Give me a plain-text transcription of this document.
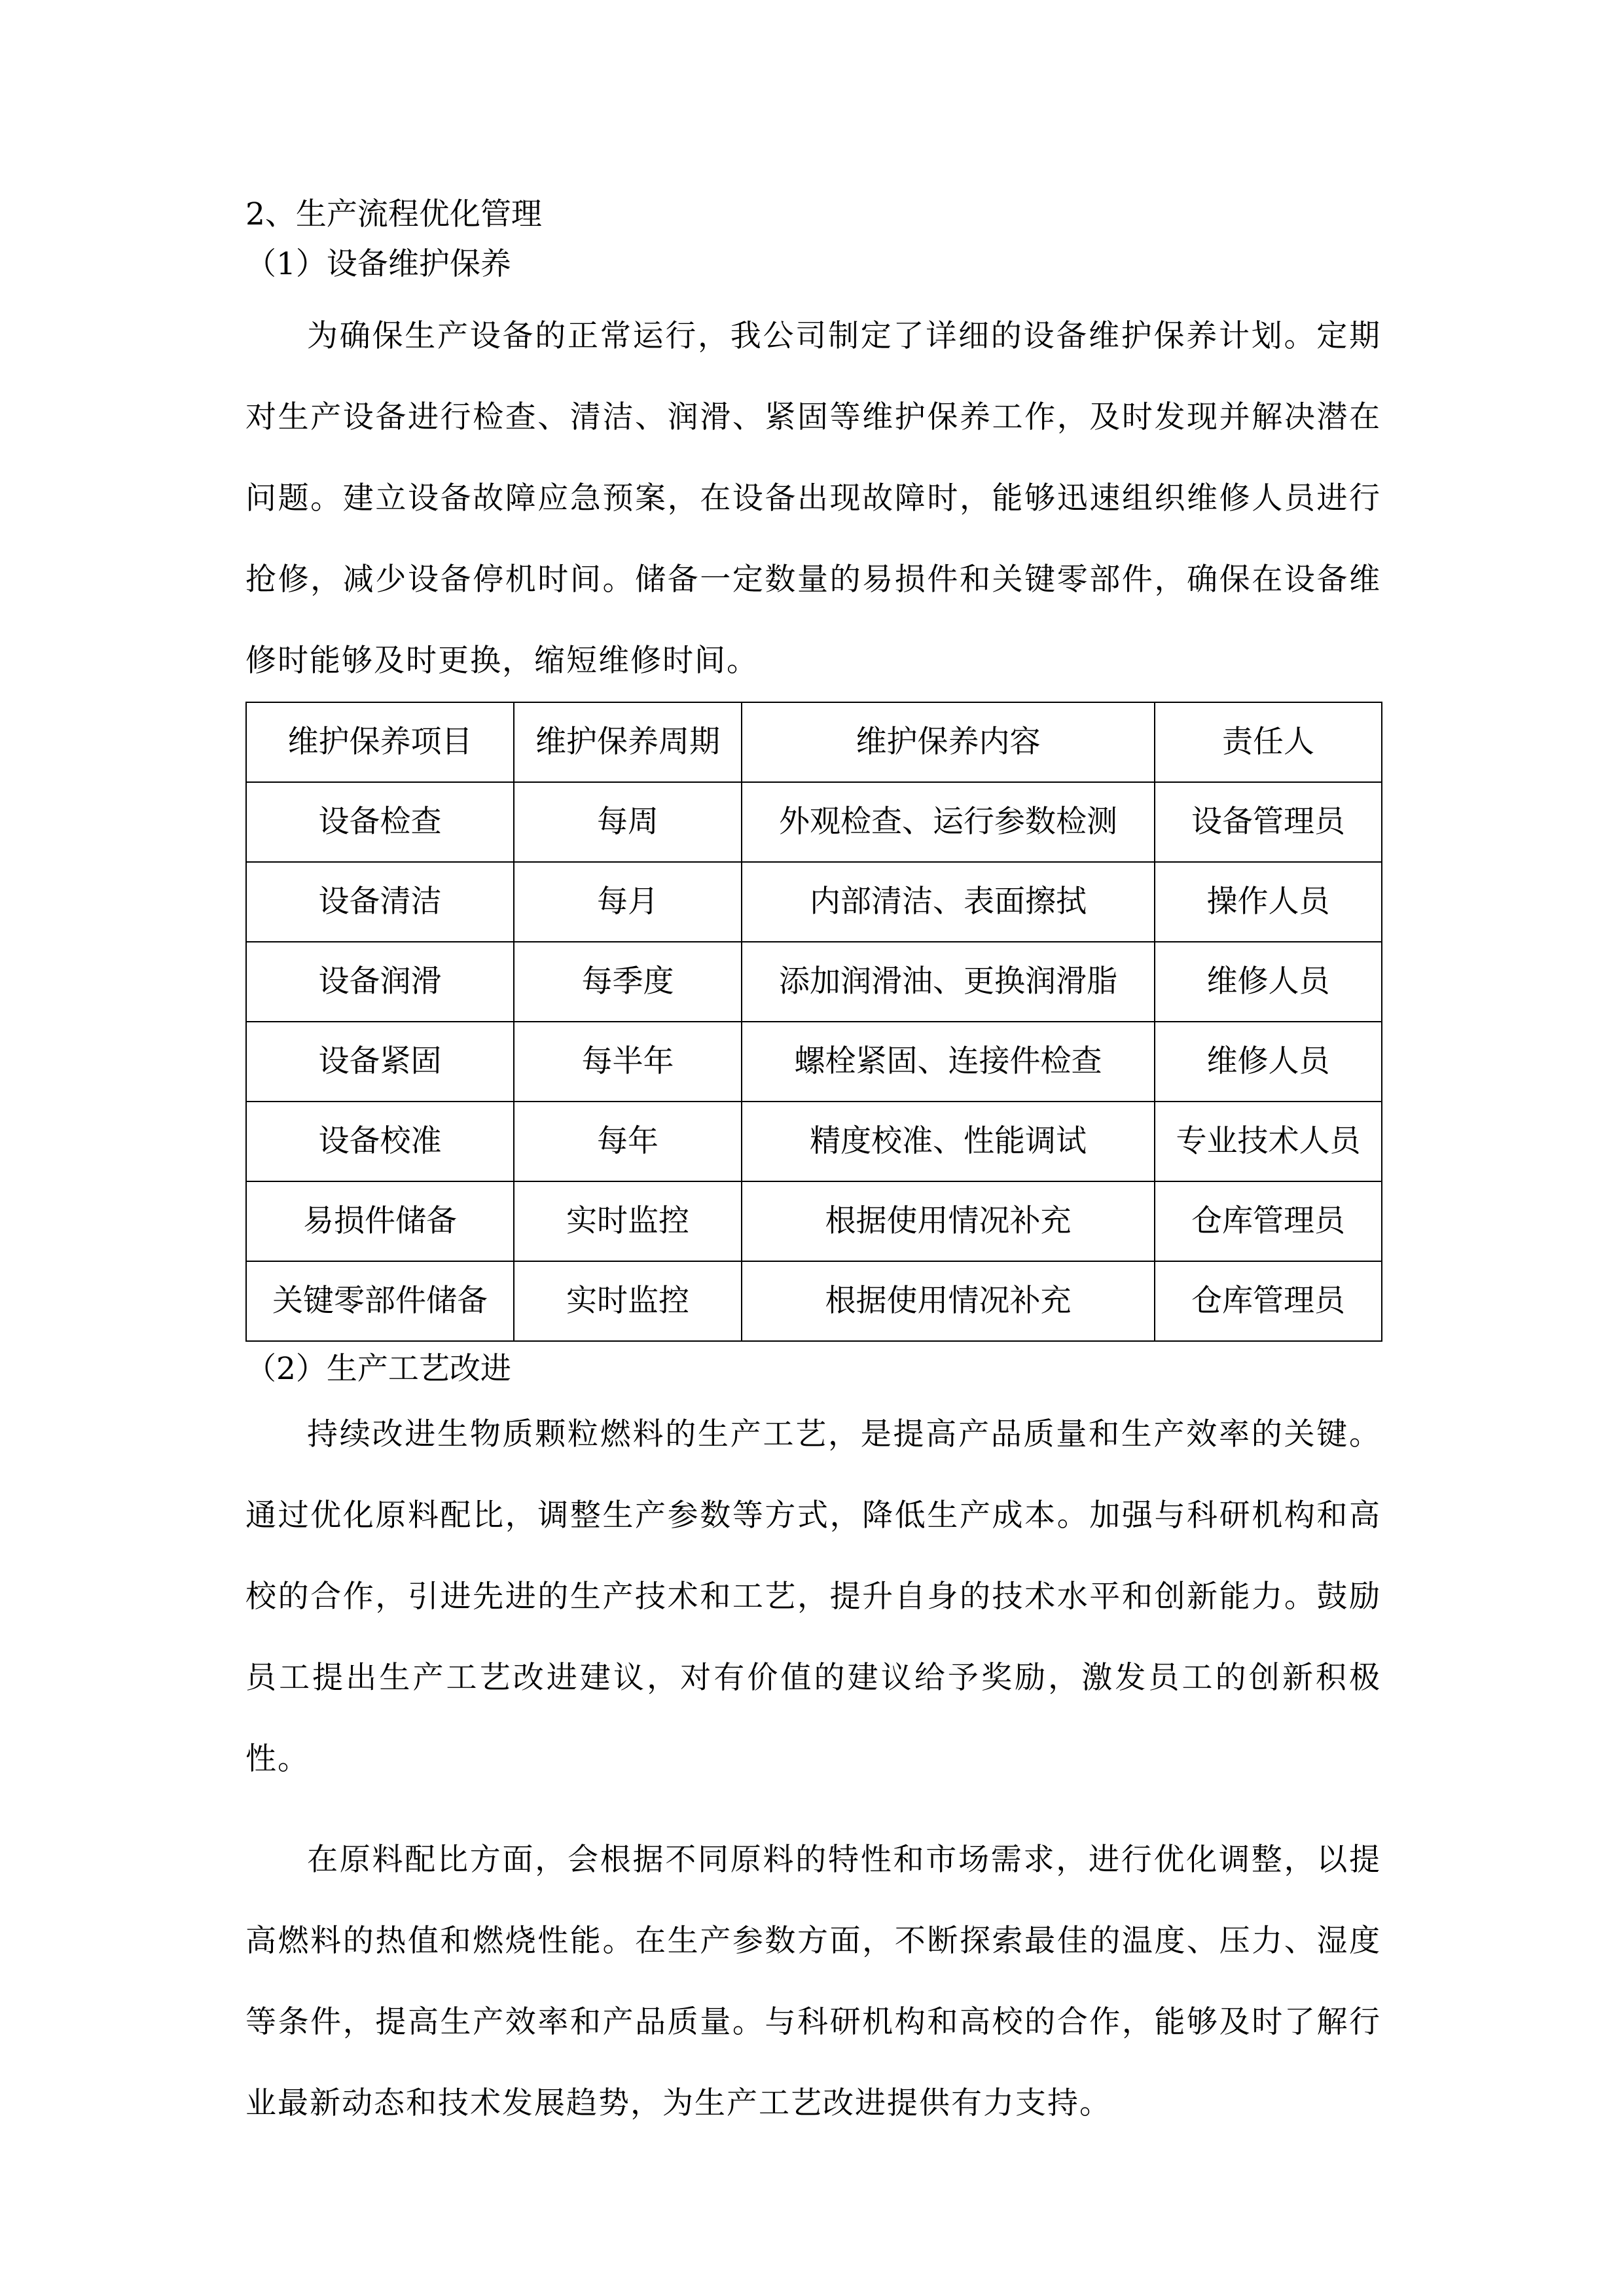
2、生产流程优化管理

（1）设备维护保养

为确保生产设备的正常运行，我公司制定了详细的设备维护保养计划。定期对生产设备进行检查、清洁、润滑、紧固等维护保养工作，及时发现并解决潜在问题。建立设备故障应急预案，在设备出现故障时，能够迅速组织维修人员进行抢修，减少设备停机时间。储备一定数量的易损件和关键零部件，确保在设备维修时能够及时更换，缩短维修时间。

维护保养项目	维护保养周期	维护保养内容	责任人
设备检查	每周	外观检查、运行参数检测	设备管理员
设备清洁	每月	内部清洁、表面擦拭	操作人员
设备润滑	每季度	添加润滑油、更换润滑脂	维修人员
设备紧固	每半年	螺栓紧固、连接件检查	维修人员
设备校准	每年	精度校准、性能调试	专业技术人员
易损件储备	实时监控	根据使用情况补充	仓库管理员
关键零部件储备	实时监控	根据使用情况补充	仓库管理员

（2）生产工艺改进

持续改进生物质颗粒燃料的生产工艺，是提高产品质量和生产效率的关键。通过优化原料配比，调整生产参数等方式，降低生产成本。加强与科研机构和高校的合作，引进先进的生产技术和工艺，提升自身的技术水平和创新能力。鼓励员工提出生产工艺改进建议，对有价值的建议给予奖励，激发员工的创新积极性。

在原料配比方面，会根据不同原料的特性和市场需求，进行优化调整，以提高燃料的热值和燃烧性能。在生产参数方面，不断探索最佳的温度、压力、湿度等条件，提高生产效率和产品质量。与科研机构和高校的合作，能够及时了解行业最新动态和技术发展趋势，为生产工艺改进提供有力支持。
